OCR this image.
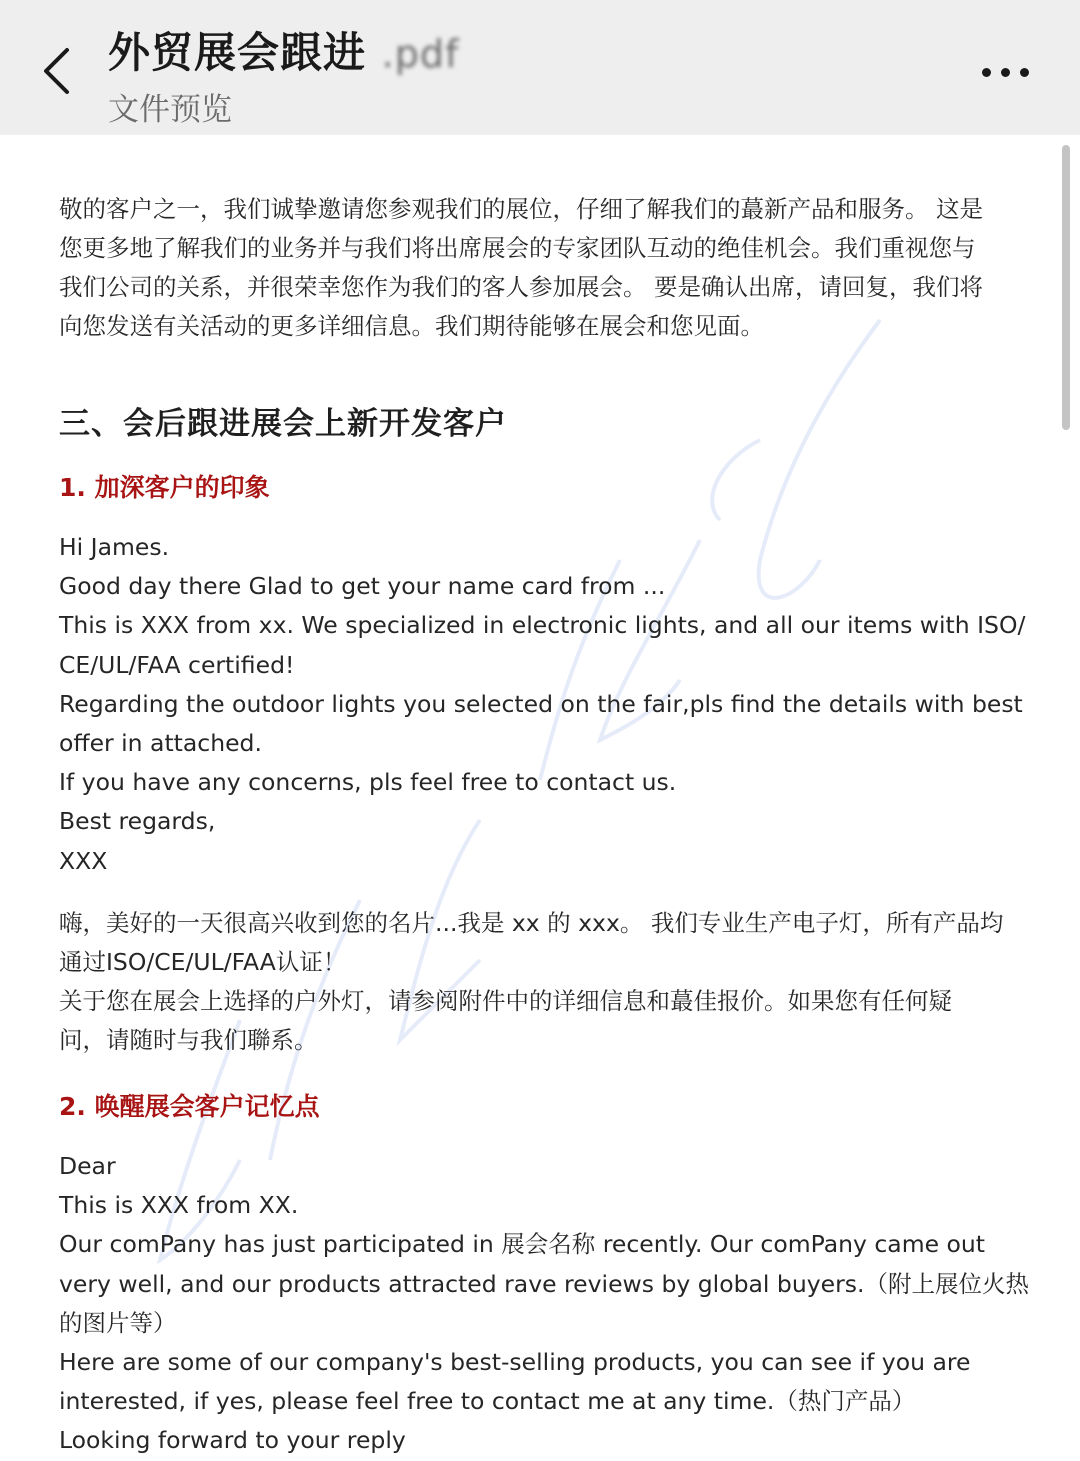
外贸展会跟进 .pdf
文件预览

敬的客户之一，我们诚挚邀请您参观我们的展位，仔细了解我们的蕞新产品和服务。 这是

您更多地了解我们的业务并与我们将出席展会的专家团队互动的绝佳机会。我们重视您与

我们公司的关系，并很荣幸您作为我们的客人参加展会。 要是确认出席，请回复，我们将

向您发送有关活动的更多详细信息。我们期待能够在展会和您见面。

三、会后跟进展会上新开发客户
1. 加深客户的印象

Hi James.

Good day there Glad to get your name card from ...

This is XXX from xx. We specialized in electronic lights, and all our items with ISO/

CE/UL/FAA certified!

Regarding the outdoor lights you selected on the fair,pls find the details with best

offer in attached.

If you have any concerns, pls feel free to contact us.

Best regards,

XXX

嗨，美好的一天很高兴收到您的名片...我是 xx 的 xxx。 我们专业生产电子灯，所有产品均

通过ISO/CE/UL/FAA认证！

关于您在展会上选择的户外灯，请参阅附件中的详细信息和蕞佳报价。如果您有任何疑

问，请随时与我们聯系。

2. 唤醒展会客户记忆点

Dear

This is XXX from XX.

Our comPany has just participated in 展会名称 recently. Our comPany came out

very well, and our products attracted rave reviews by global buyers.（附上展位火热

的图片等）

Here are some of our company's best-selling products, you can see if you are

interested, if yes, please feel free to contact me at any time.（热门产品）

Looking forward to your reply
